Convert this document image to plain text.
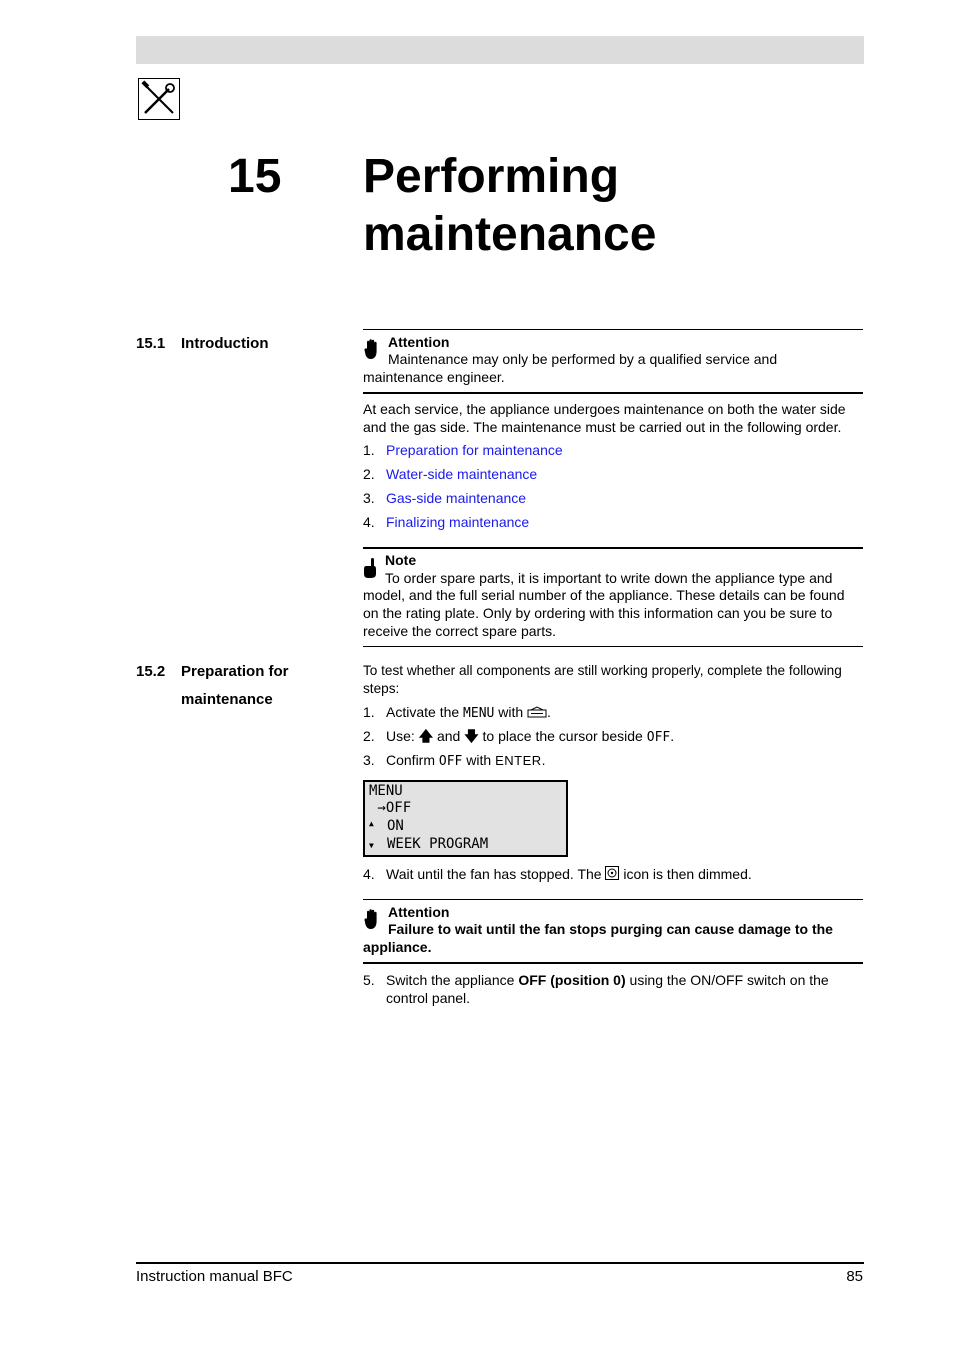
15 Performing
maintenance
15.1 Introduction	Attention
Maintenance may only be performed by a qualified service and
maintenance engineer.
At each service, the appliance undergoes maintenance on both the water side
and the gas side. The maintenance must be carried out in the following order.
1. Preparation for maintenance
2. Water-side maintenance
3. Gas-side maintenance
4. Finalizing maintenance
Note
To order spare parts, it is important to write down the appliance type and
model, and the full serial number of the appliance. These details can be found
on the rating plate. Only by ordering with this information can you be sure to
receive the correct spare parts.
15.2 Preparation for
maintenance
To test whether all components are still working properly, complete the following
steps:
1. Activate the MENU with .
2. Use: 🡅 and 🡇 to place the cursor beside OFF.
3. Confirm OFF with ENTER.
MENU
→OFF
▲ ON
▼ WEEK PROGRAM
4. Wait until the fan has stopped. The  icon is then dimmed.
Attention
Failure to wait until the fan stops purging can cause damage to the
appliance.
5. Switch the appliance OFF (position 0) using the ON/OFF switch on the
control panel.
Instruction manual BFC	85
